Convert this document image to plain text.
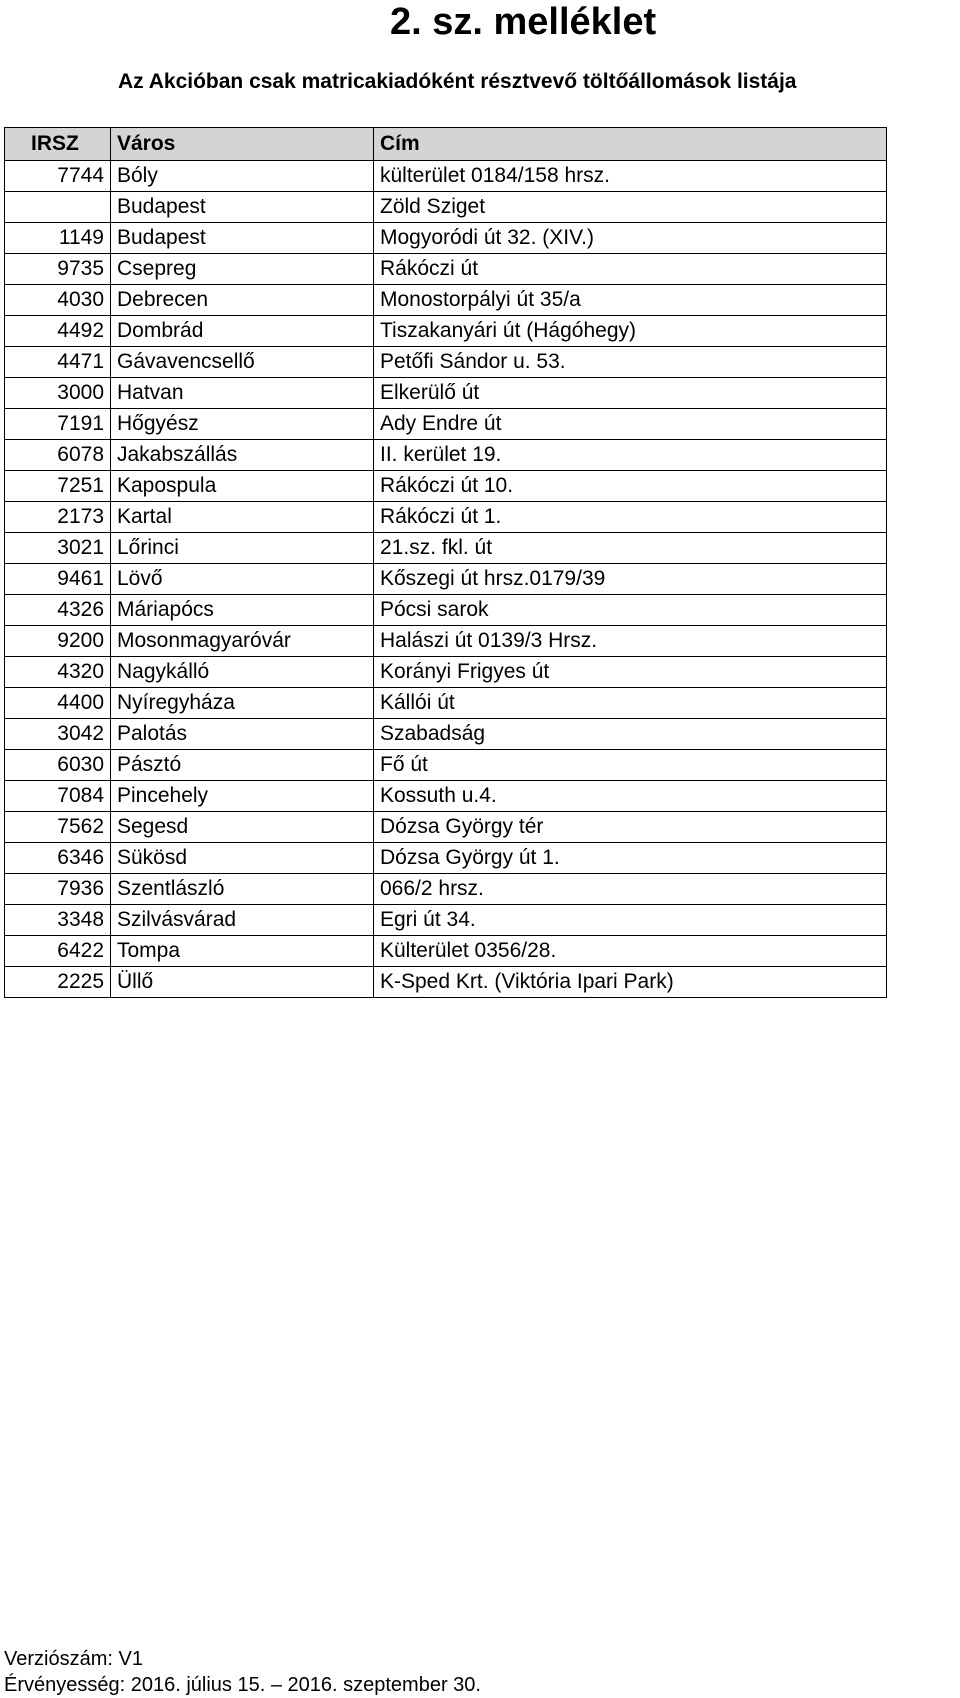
2. sz. melléklet
Az Akcióban csak matricakiadóként résztvevő töltőállomások listája
IRSZ	Város	Cím
7744	Bóly	külterület 0184/158 hrsz.
	Budapest	Zöld Sziget
1149	Budapest	Mogyoródi út 32. (XIV.)
9735	Csepreg	Rákóczi út
4030	Debrecen	Monostorpályi út 35/a
4492	Dombrád	Tiszakanyári út (Hágóhegy)
4471	Gávavencsellő	Petőfi Sándor u. 53.
3000	Hatvan	Elkerülő út
7191	Hőgyész	Ady Endre út
6078	Jakabszállás	II. kerület 19.
7251	Kapospula	Rákóczi út 10.
2173	Kartal	Rákóczi út 1.
3021	Lőrinci	21.sz. fkl. út
9461	Lövő	Kőszegi út hrsz.0179/39
4326	Máriapócs	Pócsi sarok
9200	Mosonmagyaróvár	Halászi út 0139/3 Hrsz.
4320	Nagykálló	Korányi Frigyes út
4400	Nyíregyháza	Kállói út
3042	Palotás	Szabadság
6030	Pásztó	Fő út
7084	Pincehely	Kossuth u.4.
7562	Segesd	Dózsa György tér
6346	Sükösd	Dózsa György út 1.
7936	Szentlászló	066/2 hrsz.
3348	Szilvásvárad	Egri út 34.
6422	Tompa	Külterület 0356/28.
2225	Üllő	K-Sped Krt. (Viktória Ipari Park)
Verziószám: V1
Érvényesség: 2016. július 15. – 2016. szeptember 30.
